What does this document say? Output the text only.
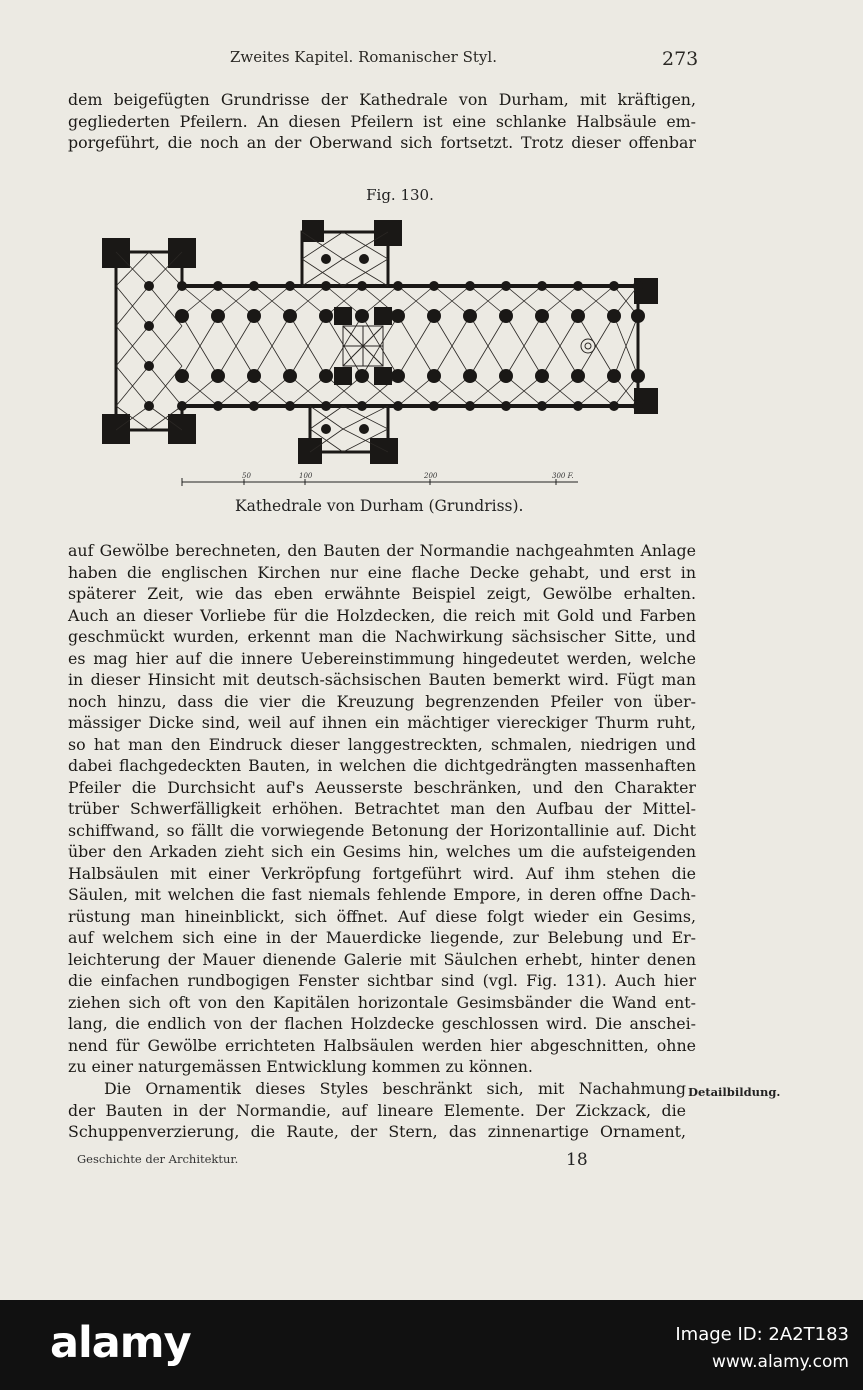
Zweites Kapitel. Romanischer Styl.	273
dem beigefügten Grundrisse der Kathedrale von Durham, mit kräftigen,
gegliederten Pfeilern. An diesen Pfeilern ist eine schlanke Halbsäule em-
porgeführt, die noch an der Oberwand sich fortsetzt. Trotz dieser offenbar
Fig. 130.
50	100	200	300 F.
Kathedrale von Durham (Grundriss).
auf Gewölbe berechneten, den Bauten der Normandie nachgeahmten Anlage
haben die englischen Kirchen nur eine flache Decke gehabt, und erst in
späterer Zeit, wie das eben erwähnte Beispiel zeigt, Gewölbe erhalten.
Auch an dieser Vorliebe für die Holzdecken, die reich mit Gold und Farben
geschmückt wurden, erkennt man die Nachwirkung sächsischer Sitte, und
es mag hier auf die innere Uebereinstimmung hingedeutet werden, welche
in dieser Hinsicht mit deutsch-sächsischen Bauten bemerkt wird. Fügt man
noch hinzu, dass die vier die Kreuzung begrenzenden Pfeiler von über-
mässiger Dicke sind, weil auf ihnen ein mächtiger viereckiger Thurm ruht,
so hat man den Eindruck dieser langgestreckten, schmalen, niedrigen und
dabei flachgedeckten Bauten, in welchen die dichtgedrängten massenhaften
Pfeiler die Durchsicht auf's Aeusserste beschränken, und den Charakter
trüber Schwerfälligkeit erhöhen. Betrachtet man den Aufbau der Mittel-
schiffwand, so fällt die vorwiegende Betonung der Horizontallinie auf. Dicht
über den Arkaden zieht sich ein Gesims hin, welches um die aufsteigenden
Halbsäulen mit einer Verkröpfung fortgeführt wird. Auf ihm stehen die
Säulen, mit welchen die fast niemals fehlende Empore, in deren offne Dach-
rüstung man hineinblickt, sich öffnet. Auf diese folgt wieder ein Gesims,
auf welchem sich eine in der Mauerdicke liegende, zur Belebung und Er-
leichterung der Mauer dienende Galerie mit Säulchen erhebt, hinter denen
die einfachen rundbogigen Fenster sichtbar sind (vgl. Fig. 131). Auch hier
ziehen sich oft von den Kapitälen horizontale Gesimsbänder die Wand ent-
lang, die endlich von der flachen Holzdecke geschlossen wird. Die anschei-
nend für Gewölbe errichteten Halbsäulen werden hier abgeschnitten, ohne
zu einer naturgemässen Entwicklung kommen zu können.
Die Ornamentik dieses Styles beschränkt sich, mit Nachahmung
der Bauten in der Normandie, auf lineare Elemente. Der Zickzack, die
Schuppenverzierung, die Raute, der Stern, das zinnenartige Ornament,
Detailbildung.
Geschichte der Architektur.	18
alamy	Image ID: 2A2T183
www.alamy.com
